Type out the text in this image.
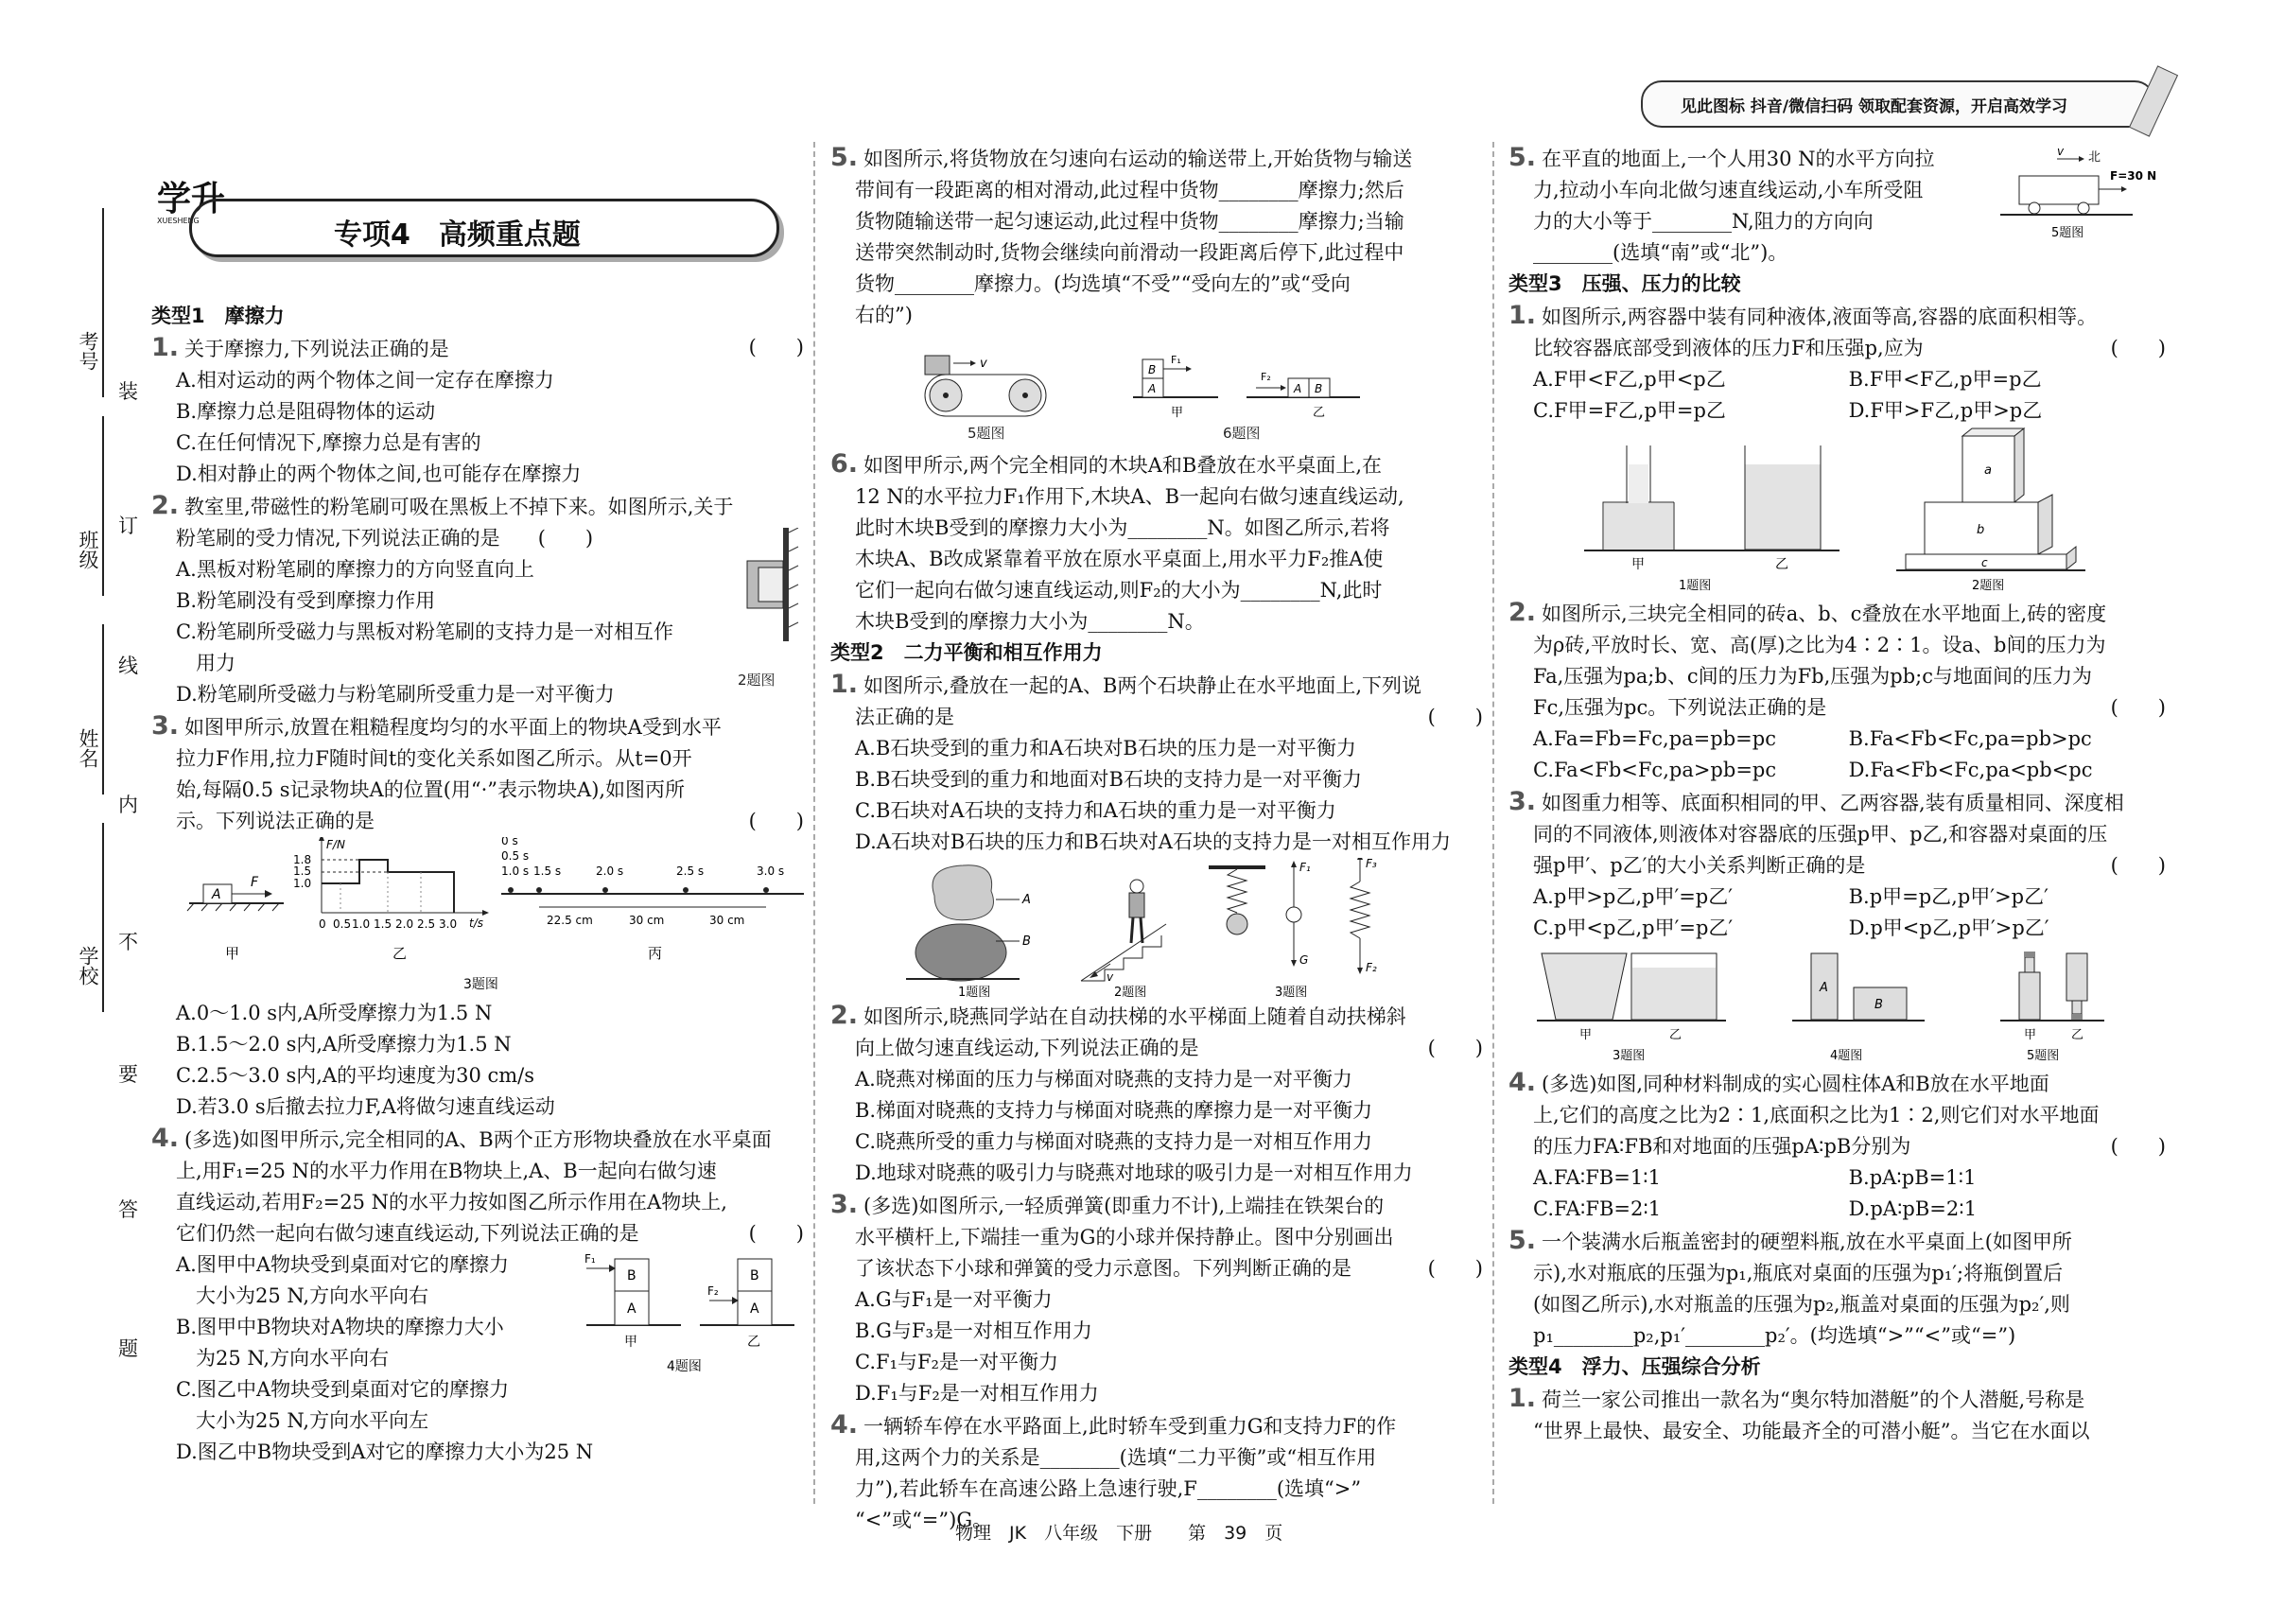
见此图标 抖音/微信扫码 领取配套资源，开启高效学习
考号
班级
姓名
学校
装
订
线
内
不
要
答
题
学升
XUESHENG	专项4　高频重点题

类型1　摩擦力

1. 关于摩擦力,下列说法正确的是	(　　)

A.相对运动的两个物体之间一定存在摩擦力

B.摩擦力总是阻碍物体的运动

C.在任何情况下,摩擦力总是有害的

D.相对静止的两个物体之间,也可能存在摩擦力

2. 教室里,带磁性的粉笔刷可吸在黑板上不掉下来。如图所示,关于

粉笔刷的受力情况,下列说法正确的是 (　　)

A.黑板对粉笔刷的摩擦力的方向竖直向上

B.粉笔刷没有受到摩擦力作用

C.粉笔刷所受磁力与黑板对粉笔刷的支持力是一对相互作

　用力

D.粉笔刷所受磁力与粉笔刷所受重力是一对平衡力

2题图

3. 如图甲所示,放置在粗糙程度均匀的水平面上的物块A受到水平

拉力F作用,拉力F随时间t的变化关系如图乙所示。从t=0开

始,每隔0.5 s记录物块A的位置(用“·”表示物块A),如图丙所

示。下列说法正确的是	(　　)

A
F
甲
F/N
1.8
1.5
1.0
0 0.5 1.0 1.5 2.0 2.5 3.0 t/s
乙
0 s
0.5 s
1.0 s 1.5 s	2.0 s	2.5 s	3.0 s
22.5 cm	30 cm	30 cm
丙
3题图

A.0～1.0 s内,A所受摩擦力为1.5 N

B.1.5～2.0 s内,A所受摩擦力为1.5 N

C.2.5～3.0 s内,A的平均速度为30 cm/s

D.若3.0 s后撤去拉力F,A将做匀速直线运动

4. (多选)如图甲所示,完全相同的A、B两个正方形物块叠放在水平桌面

上,用F₁=25 N的水平力作用在B物块上,A、B一起向右做匀速

直线运动,若用F₂=25 N的水平力按如图乙所示作用在A物块上,

它们仍然一起向右做匀速直线运动,下列说法正确的是	(　　)

A.图甲中A物块受到桌面对它的摩擦力

　大小为25 N,方向水平向右

B.图甲中B物块对A物块的摩擦力大小

　为25 N,方向水平向右

C.图乙中A物块受到桌面对它的摩擦力

　大小为25 N,方向水平向左

D.图乙中B物块受到A对它的摩擦力大小为25 N

B
A
F₁
B
A
F₂
甲	乙
4题图

5. 如图所示,将货物放在匀速向右运动的输送带上,开始货物与输送

带间有一段距离的相对滑动,此过程中货物________摩擦力;然后

货物随输送带一起匀速运动,此过程中货物________摩擦力;当输

送带突然制动时,货物会继续向前滑动一段距离后停下,此过程中

货物________摩擦力。(均选填“不受”“受向左的”或“受向

右的”)

v	B
A
F₁
甲
F₂
A B
乙
5题图	6题图

6. 如图甲所示,两个完全相同的木块A和B叠放在水平桌面上,在

12 N的水平拉力F₁作用下,木块A、B一起向右做匀速直线运动,

此时木块B受到的摩擦力大小为________N。如图乙所示,若将

木块A、B改成紧靠着平放在原水平桌面上,用水平力F₂推A使

它们一起向右做匀速直线运动,则F₂的大小为________N,此时

木块B受到的摩擦力大小为________N。

类型2　二力平衡和相互作用力

1. 如图所示,叠放在一起的A、B两个石块静止在水平地面上,下列说

法正确的是	(　　)

A.B石块受到的重力和A石块对B石块的压力是一对平衡力

B.B石块受到的重力和地面对B石块的支持力是一对平衡力

C.B石块对A石块的支持力和A石块的重力是一对平衡力

D.A石块对B石块的压力和B石块对A石块的支持力是一对相互作用力

A
B
1题图
v
2题图
F₁
G
F₃
F₂
3题图

2. 如图所示,晓燕同学站在自动扶梯的水平梯面上随着自动扶梯斜

向上做匀速直线运动,下列说法正确的是	(　　)

A.晓燕对梯面的压力与梯面对晓燕的支持力是一对平衡力

B.梯面对晓燕的支持力与梯面对晓燕的摩擦力是一对平衡力

C.晓燕所受的重力与梯面对晓燕的支持力是一对相互作用力

D.地球对晓燕的吸引力与晓燕对地球的吸引力是一对相互作用力

3. (多选)如图所示,一轻质弹簧(即重力不计),上端挂在铁架台的

水平横杆上,下端挂一重为G的小球并保持静止。图中分别画出

了该状态下小球和弹簧的受力示意图。下列判断正确的是	(　　)

A.G与F₁是一对平衡力

B.G与F₃是一对相互作用力

C.F₁与F₂是一对平衡力

D.F₁与F₂是一对相互作用力

4. 一辆轿车停在水平路面上,此时轿车受到重力G和支持力F的作

用,这两个力的关系是________(选填“二力平衡”或“相互作用

力”),若此轿车在高速公路上急速行驶,F________(选填“>”

“<”或“=”)G。

5. 在平直的地面上,一个人用30 N的水平方向拉

力,拉动小车向北做匀速直线运动,小车所受阻

力的大小等于________N,阻力的方向向

________(选填“南”或“北”)。

v 北
F=30 N
5题图

类型3　压强、压力的比较

1. 如图所示,两容器中装有同种液体,液面等高,容器的底面积相等。

比较容器底部受到液体的压力F和压强p,应为	(　　)

A.F甲<F乙,p甲<p乙	B.F甲<F乙,p甲=p乙

C.F甲=F乙,p甲=p乙	D.F甲>F乙,p甲>p乙

甲	乙
1题图
a
b
c
2题图

2. 如图所示,三块完全相同的砖a、b、c叠放在水平地面上,砖的密度

为ρ砖,平放时长、宽、高(厚)之比为4∶2∶1。设a、b间的压力为

Fa,压强为pa;b、c间的压力为Fb,压强为pb;c与地面间的压力为

Fc,压强为pc。下列说法正确的是	(　　)

A.Fa=Fb=Fc,pa=pb=pc	B.Fa<Fb<Fc,pa=pb>pc

C.Fa<Fb<Fc,pa>pb=pc	D.Fa<Fb<Fc,pa<pb<pc

3. 如图重力相等、底面积相同的甲、乙两容器,装有质量相同、深度相

同的不同液体,则液体对容器底的压强p甲、p乙,和容器对桌面的压

强p甲′、p乙′的大小关系判断正确的是	(　　)

A.p甲>p乙,p甲′=p乙′	B.p甲=p乙,p甲′>p乙′

C.p甲<p乙,p甲′=p乙′	D.p甲<p乙,p甲′>p乙′

甲	乙
3题图
A
B
4题图
甲	乙
5题图

4. (多选)如图,同种材料制成的实心圆柱体A和B放在水平地面

上,它们的高度之比为2∶1,底面积之比为1∶2,则它们对水平地面

的压力FA∶FB和对地面的压强pA∶pB分别为	(　　)

A.FA∶FB=1∶1	B.pA∶pB=1∶1

C.FA∶FB=2∶1	D.pA∶pB=2∶1

5. 一个装满水后瓶盖密封的硬塑料瓶,放在水平桌面上(如图甲所

示),水对瓶底的压强为p₁,瓶底对桌面的压强为p₁′;将瓶倒置后

(如图乙所示),水对瓶盖的压强为p₂,瓶盖对桌面的压强为p₂′,则

p₁________p₂,p₁′________p₂′。(均选填“>”“<”或“=”)

类型4　浮力、压强综合分析

1. 荷兰一家公司推出一款名为“奥尔特加潜艇”的个人潜艇,号称是

“世界上最快、最安全、功能最齐全的可潜小艇”。当它在水面以

物理　JK　八年级　下册　　第　39　页
